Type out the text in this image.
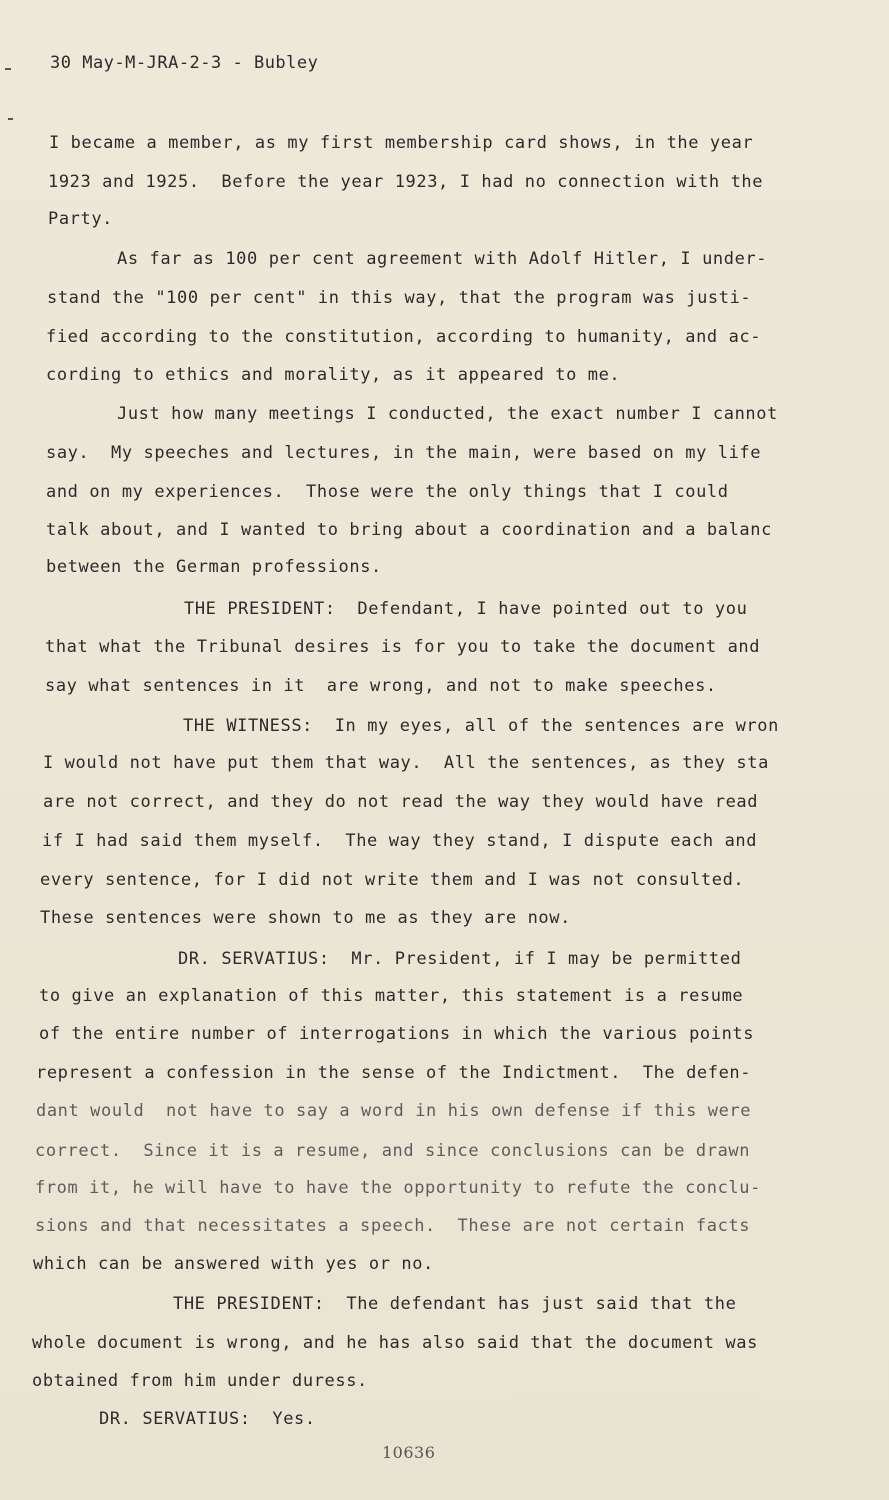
30 May-M-JRA-2-3 - Bubley
I became a member, as my first membership card shows, in the year
1923 and 1925.  Before the year 1923, I had no connection with the
Party.
As far as 100 per cent agreement with Adolf Hitler, I under-
stand the "100 per cent" in this way, that the program was justi-
fied according to the constitution, according to humanity, and ac-
cording to ethics and morality, as it appeared to me.
Just how many meetings I conducted, the exact number I cannot
say.  My speeches and lectures, in the main, were based on my life
and on my experiences.  Those were the only things that I could
talk about, and I wanted to bring about a coordination and a balanc
between the German professions.
THE PRESIDENT:  Defendant, I have pointed out to you
that what the Tribunal desires is for you to take the document and
say what sentences in it  are wrong, and not to make speeches.
THE WITNESS:  In my eyes, all of the sentences are wron
I would not have put them that way.  All the sentences, as they sta
are not correct, and they do not read the way they would have read
if I had said them myself.  The way they stand, I dispute each and
every sentence, for I did not write them and I was not consulted.
These sentences were shown to me as they are now.
DR. SERVATIUS:  Mr. President, if I may be permitted
to give an explanation of this matter, this statement is a resume
of the entire number of interrogations in which the various points
represent a confession in the sense of the Indictment.  The defen-
dant would  not have to say a word in his own defense if this were
correct.  Since it is a resume, and since conclusions can be drawn
from it, he will have to have the opportunity to refute the conclu-
sions and that necessitates a speech.  These are not certain facts
which can be answered with yes or no.
THE PRESIDENT:  The defendant has just said that the
whole document is wrong, and he has also said that the document was
obtained from him under duress.
DR. SERVATIUS:  Yes.
10636
